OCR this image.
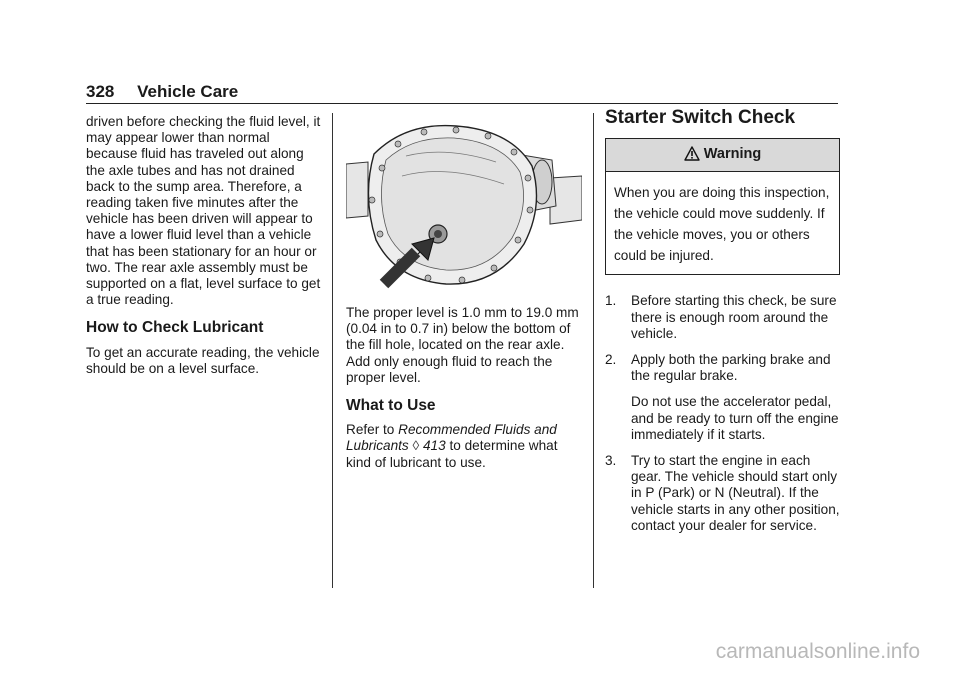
328 Vehicle Care

driven before checking the fluid level, it may appear lower than normal because fluid has traveled out along the axle tubes and has not drained back to the sump area. Therefore, a reading taken five minutes after the vehicle has been driven will appear to have a lower fluid level than a vehicle that has been stationary for an hour or two. The rear axle assembly must be supported on a flat, level surface to get a true reading.

How to Check Lubricant

To get an accurate reading, the vehicle should be on a level surface.

The proper level is 1.0 mm to 19.0 mm (0.04 in to 0.7 in) below the bottom of the fill hole, located on the rear axle. Add only enough fluid to reach the proper level.

What to Use

Refer to Recommended Fluids and Lubricants ◊ 413 to determine what kind of lubricant to use.

Starter Switch Check
Warning
When you are doing this inspection, the vehicle could move suddenly. If the vehicle moves, you or others could be injured.
1.	Before starting this check, be sure there is enough room around the vehicle.

2.	Apply both the parking brake and the regular brake.

Do not use the accelerator pedal, and be ready to turn off the engine immediately if it starts.

3.	Try to start the engine in each gear. The vehicle should start only in P (Park) or N (Neutral). If the vehicle starts in any other position, contact your dealer for service.

carmanualsonline.info
